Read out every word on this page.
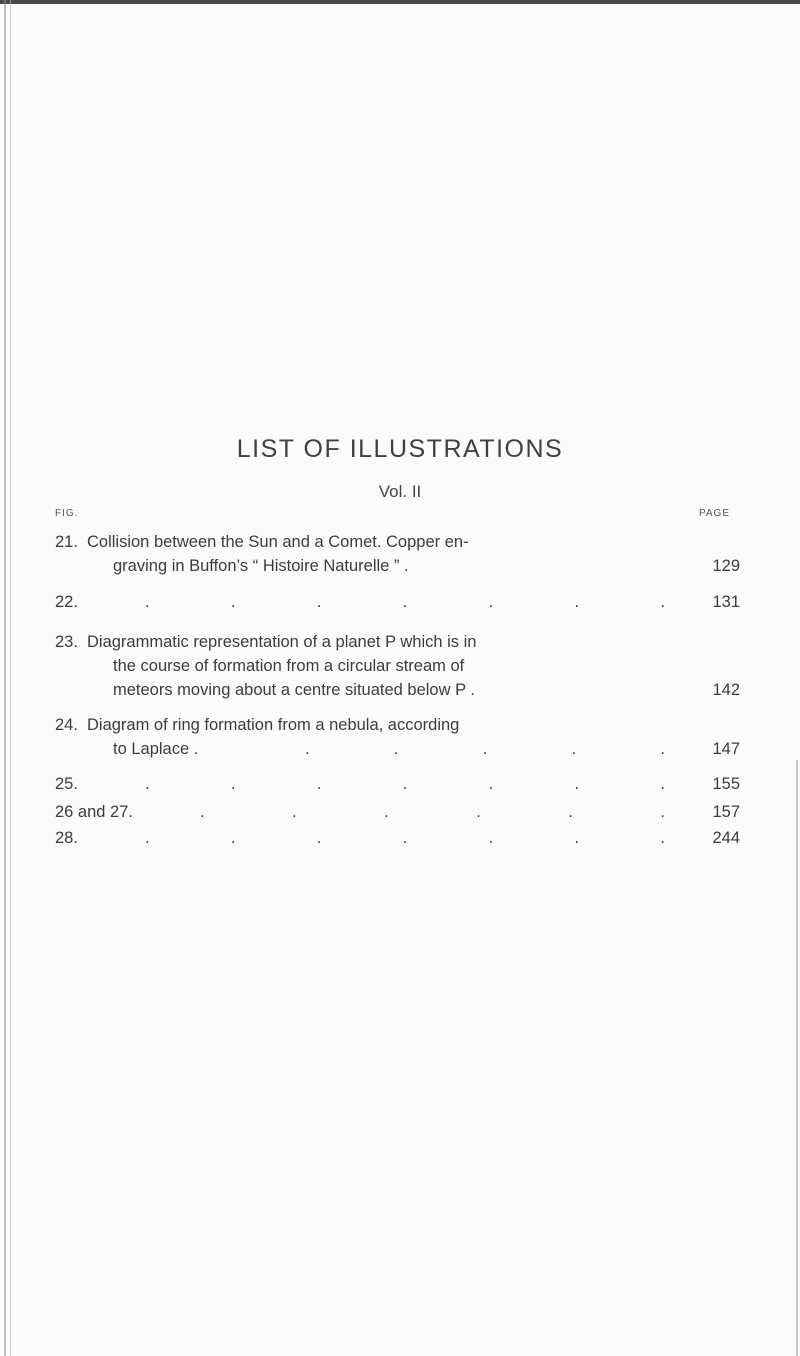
LIST OF ILLUSTRATIONS
Vol. II
FIG.	PAGE
21. Collision between the Sun and a Comet. Copper en-
graving in Buffon’s “ Histoire Naturelle ” .	129
22.	.	.	.	.	.	.	.	131
23. Diagrammatic representation of a planet P which is in
the course of formation from a circular stream of
meteors moving about a centre situated below P .	142
24. Diagram of ring formation from a nebula, according
to Laplace .	.	.	.	.	.	147
25.	.	.	.	.	.	.	.	155
26 and 27.	.	.	.	.	.	.	157
28.	.	.	.	.	.	.	.	244
